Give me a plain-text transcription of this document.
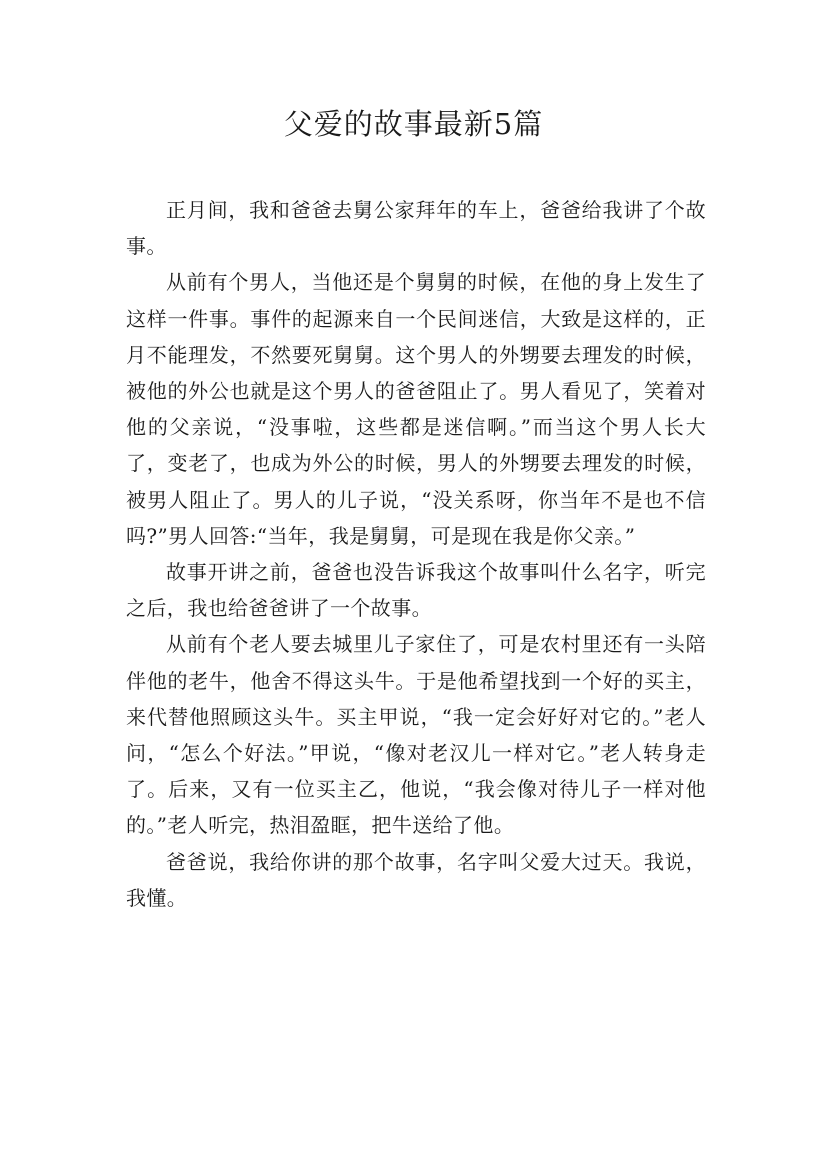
父爱的故事最新5篇

正月间，我和爸爸去舅公家拜年的车上，爸爸给我讲了个故事。

从前有个男人，当他还是个舅舅的时候，在他的身上发生了这样一件事。事件的起源来自一个民间迷信，大致是这样的，正月不能理发，不然要死舅舅。这个男人的外甥要去理发的时候，被他的外公也就是这个男人的爸爸阻止了。男人看见了，笑着对他的父亲说，“没事啦，这些都是迷信啊。”而当这个男人长大了，变老了，也成为外公的时候，男人的外甥要去理发的时候，被男人阻止了。男人的儿子说，“没关系呀，你当年不是也不信吗?”男人回答:“当年，我是舅舅，可是现在我是你父亲。”

故事开讲之前，爸爸也没告诉我这个故事叫什么名字，听完之后，我也给爸爸讲了一个故事。

从前有个老人要去城里儿子家住了，可是农村里还有一头陪伴他的老牛，他舍不得这头牛。于是他希望找到一个好的买主，来代替他照顾这头牛。买主甲说，“我一定会好好对它的。”老人问，“怎么个好法。”甲说，“像对老汉儿一样对它。”老人转身走了。后来，又有一位买主乙，他说，“我会像对待儿子一样对他的。”老人听完，热泪盈眶，把牛送给了他。

爸爸说，我给你讲的那个故事，名字叫父爱大过天。我说，我懂。
